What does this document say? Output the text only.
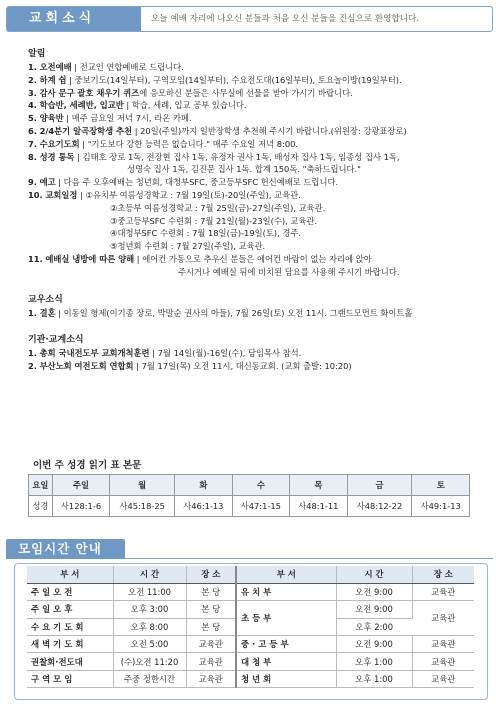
교회소식	오늘 예배 자리에 나오신 분들과 처음 오신 분들을 진심으로 환영합니다.
알림
1. 오전예배 | 전교인 연합예배로 드립니다.
2. 하계 쉼 | 중보기도(14일부터), 구역모임(14일부터), 수요전도대(16일부터), 토요놀이방(19일부터).
3. 감사 문구 괄호 채우기 퀴즈에 응모하신 분들은 사무실에 선물을 받아 가시기 바랍니다.
4. 학습반, 세례반, 입교반 | 학습, 세례, 입교 공부 있습니다.
5. 양육반 | 매주 금요일 저녁 7시, 라온 카페.
6. 2/4분기 알곡장학생 추천 | 20일(주일)까지 일반장학생 추천해 주시기 바랍니다.(위원장: 강광표장로)
7. 수요기도회 | "기도보다 강한 능력은 없습니다." 매주 수요일 저녁 8:00.
8. 성경 통독 | 김태호 장로 1독, 전장현 집사 1독, 유정자 권사 1독, 배성자 집사 1독, 임종성 집사 1독,
성명숙 집사 1독, 김진문 집사 1독. 합계 150독. "축하드립니다."
9. 예고 | 다음 주 오후예배는 청년회, 대청부SFC, 중고등부SFC 헌신예배로 드립니다.
10. 교회일정 | ①유치부 여름성경학교 : 7월 19일(토)-20일(주일), 교육관.
②초등부 여름성경학교 : 7월 25일(금)-27일(주일), 교육관.
③중고등부SFC 수련회 : 7월 21일(월)-23일(수), 교육관.
④대청부SFC 수련회 : 7월 18일(금)-19일(토), 경주.
⑤청년회 수련회 : 7월 27일(주일), 교육관.
11. 예배실 냉방에 따른 양해 | 에어컨 가동으로 추우신 분들은 에어컨 바람이 없는 자리에 앉아
주시거나 예배실 뒤에 비치된 담요를 사용해 주시기 바랍니다.
교우소식
1. 결혼 | 이동일 형제(이기종 장로, 박말순 권사의 아들), 7월 26일(토) 오전 11시. 그랜드모먼트 화이트홀
기관·교계소식
1. 총회 국내전도부 교회개척훈련 | 7월 14일(월)-16일(수), 담임목사 참석.
2. 부산노회 여전도회 연합회 | 7월 17일(목) 오전 11시, 대신동교회. (교회 출발: 10:20)
이번 주 성경 읽기 표 본문
요일	주일	월	화	수	목	금	토
성경	사128:1-6	사45:18-25	사46:1-13	사47:1-15	사48:1-11	사48:12-22	사49:1-13
모임시간 안내
부 서	시 간	장 소	부 서	시 간	장 소
주일오전	오전 11:00	본 당	유치부	오전 9:00	교육관
주일오후	오후 3:00	본 당	초등부	오전 9:00	교육관
수요기도회	오후 8:00	본 당		오후 2:00	
새벽기도회	오전 5:00	교육관	중·고등부	오전 9:00	교육관
권찰회·전도대	(수)오전 11:20	교육관	대청부	오후 1:00	교육관
구역모임	주중 정한시간	교육관	청년회	오후 1:00	교육관
